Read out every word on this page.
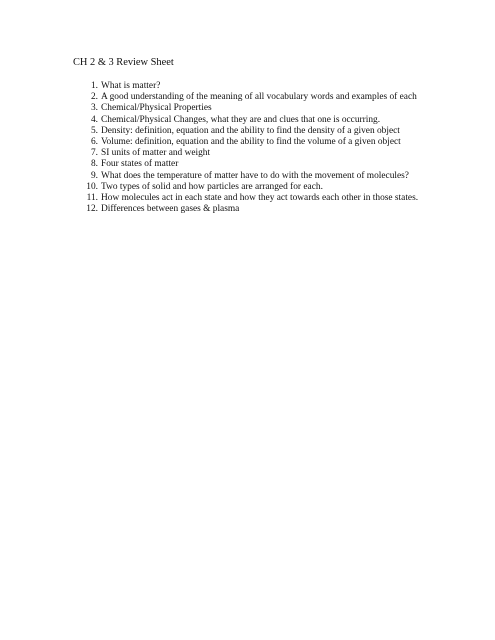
CH 2 & 3 Review Sheet
1. What is matter?
2. A good understanding of the meaning of all vocabulary words and examples of each
3. Chemical/Physical Properties
4. Chemical/Physical Changes, what they are and clues that one is occurring.
5. Density: definition, equation and the ability to find the density of a given object
6. Volume: definition, equation and the ability to find the volume of a given object
7. SI units of matter and weight
8. Four states of matter
9. What does the temperature of matter have to do with the movement of molecules?
10. Two types of solid and how particles are arranged for each.
11. How molecules act in each state and how they act towards each other in those states.
12. Differences between gases & plasma
